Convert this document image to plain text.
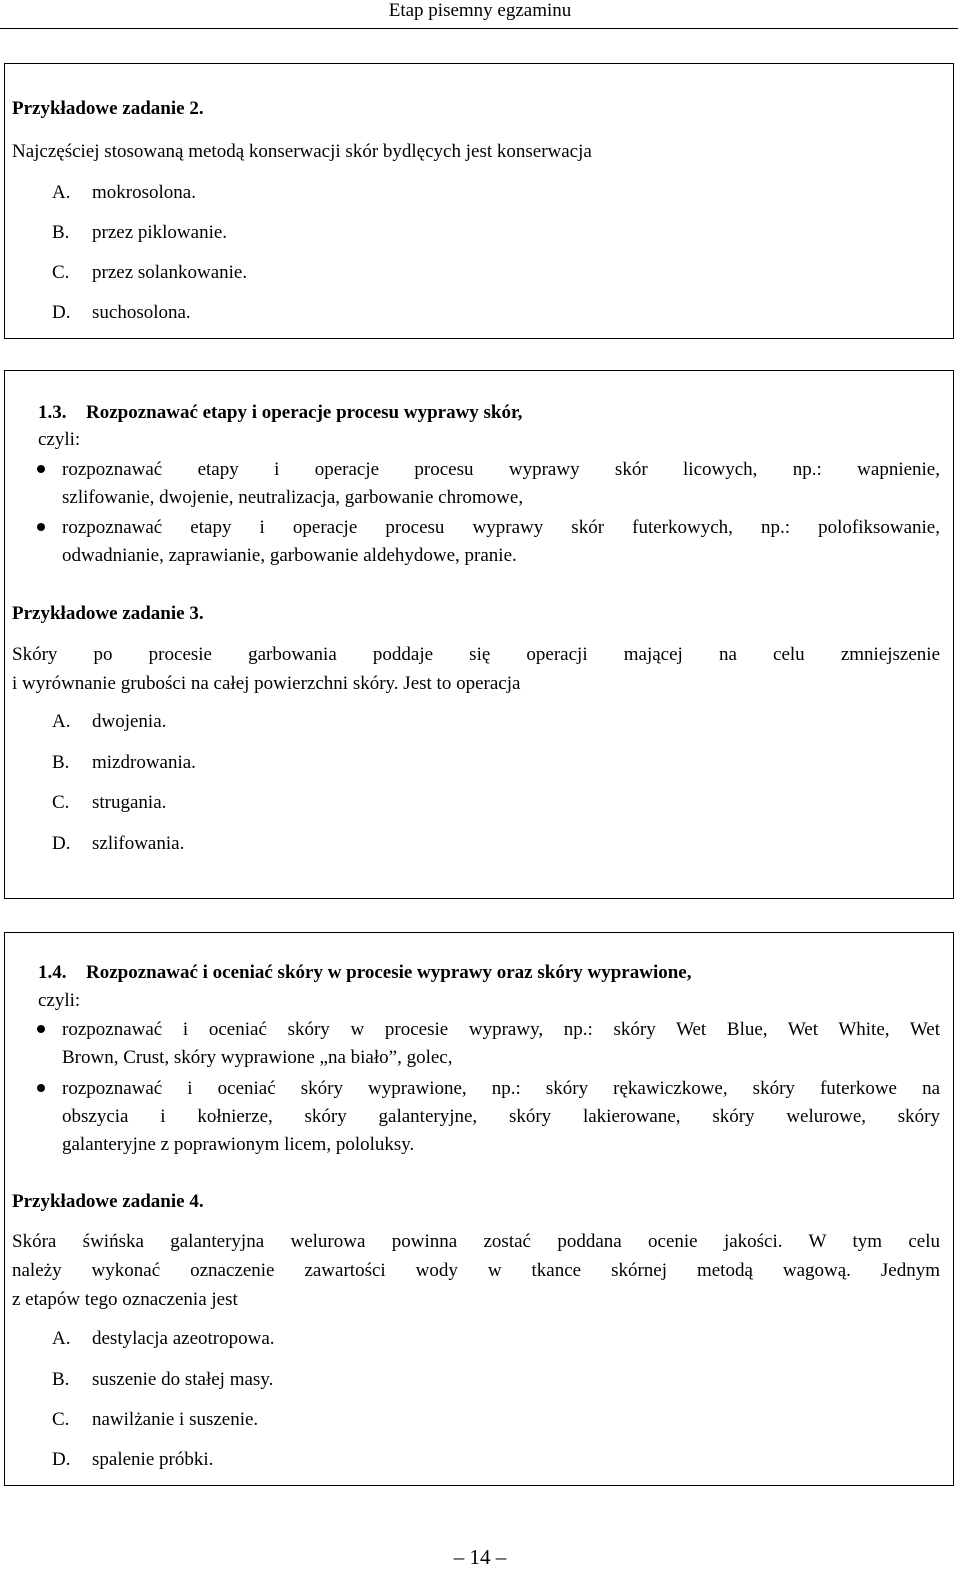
Etap pisemny egzaminu
Przykładowe zadanie 2.
Najczęściej stosowaną metodą konserwacji skór bydlęcych jest konserwacja
A. mokrosolona.
B. przez piklowanie.
C. przez solankowanie.
D. suchosolona.
1.3. Rozpoznawać etapy i operacje procesu wyprawy skór,
czyli:
rozpoznawać etapy i operacje procesu wyprawy skór licowych, np.: wapnienie,
szlifowanie, dwojenie, neutralizacja, garbowanie chromowe,
rozpoznawać etapy i operacje procesu wyprawy skór futerkowych, np.: polofiksowanie,
odwadnianie, zaprawianie, garbowanie aldehydowe, pranie.
Przykładowe zadanie 3.
Skóry po procesie garbowania poddaje się operacji mającej na celu zmniejszenie
i wyrównanie grubości na całej powierzchni skóry. Jest to operacja
A. dwojenia.
B. mizdrowania.
C. strugania.
D. szlifowania.
1.4. Rozpoznawać i oceniać skóry w procesie wyprawy oraz skóry wyprawione,
czyli:
rozpoznawać i oceniać skóry w procesie wyprawy, np.: skóry Wet Blue, Wet White, Wet
Brown, Crust, skóry wyprawione „na biało”, golec,
rozpoznawać i oceniać skóry wyprawione, np.: skóry rękawiczkowe, skóry futerkowe na
obszycia i kołnierze, skóry galanteryjne, skóry lakierowane, skóry welurowe, skóry
galanteryjne z poprawionym licem, pololuksy.
Przykładowe zadanie 4.
Skóra świńska galanteryjna welurowa powinna zostać poddana ocenie jakości. W tym celu
należy wykonać oznaczenie zawartości wody w tkance skórnej metodą wagową. Jednym
z etapów tego oznaczenia jest
A. destylacja azeotropowa.
B. suszenie do stałej masy.
C. nawilżanie i suszenie.
D. spalenie próbki.
– 14 –
